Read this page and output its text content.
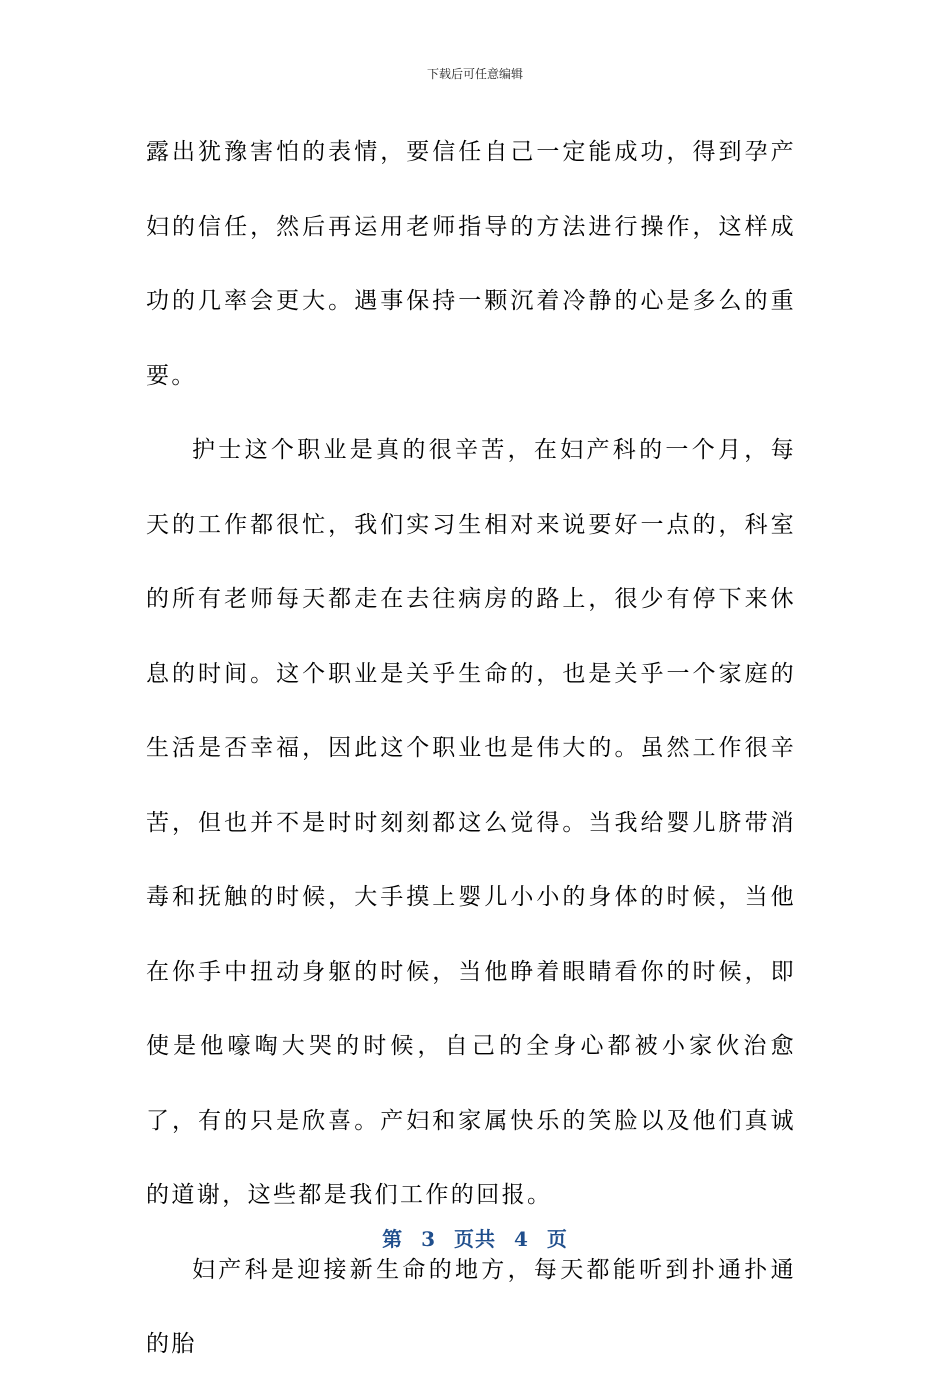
下载后可任意编辑

露出犹豫害怕的表情，要信任自己一定能成功，得到孕产妇的信任，然后再运用老师指导的方法进行操作，这样成功的几率会更大。遇事保持一颗沉着冷静的心是多么的重要。

护士这个职业是真的很辛苦，在妇产科的一个月，每天的工作都很忙，我们实习生相对来说要好一点的，科室的所有老师每天都走在去往病房的路上，很少有停下来休息的时间。这个职业是关乎生命的，也是关乎一个家庭的生活是否幸福，因此这个职业也是伟大的。虽然工作很辛苦，但也并不是时时刻刻都这么觉得。当我给婴儿脐带消毒和抚触的时候，大手摸上婴儿小小的身体的时候，当他在你手中扭动身躯的时候，当他睁着眼睛看你的时候，即使是他嚎啕大哭的时候，自己的全身心都被小家伙治愈了，有的只是欣喜。产妇和家属快乐的笑脸以及他们真诚的道谢，这些都是我们工作的回报。

妇产科是迎接新生命的地方，每天都能听到扑通扑通的胎

第 3 页共 4 页
